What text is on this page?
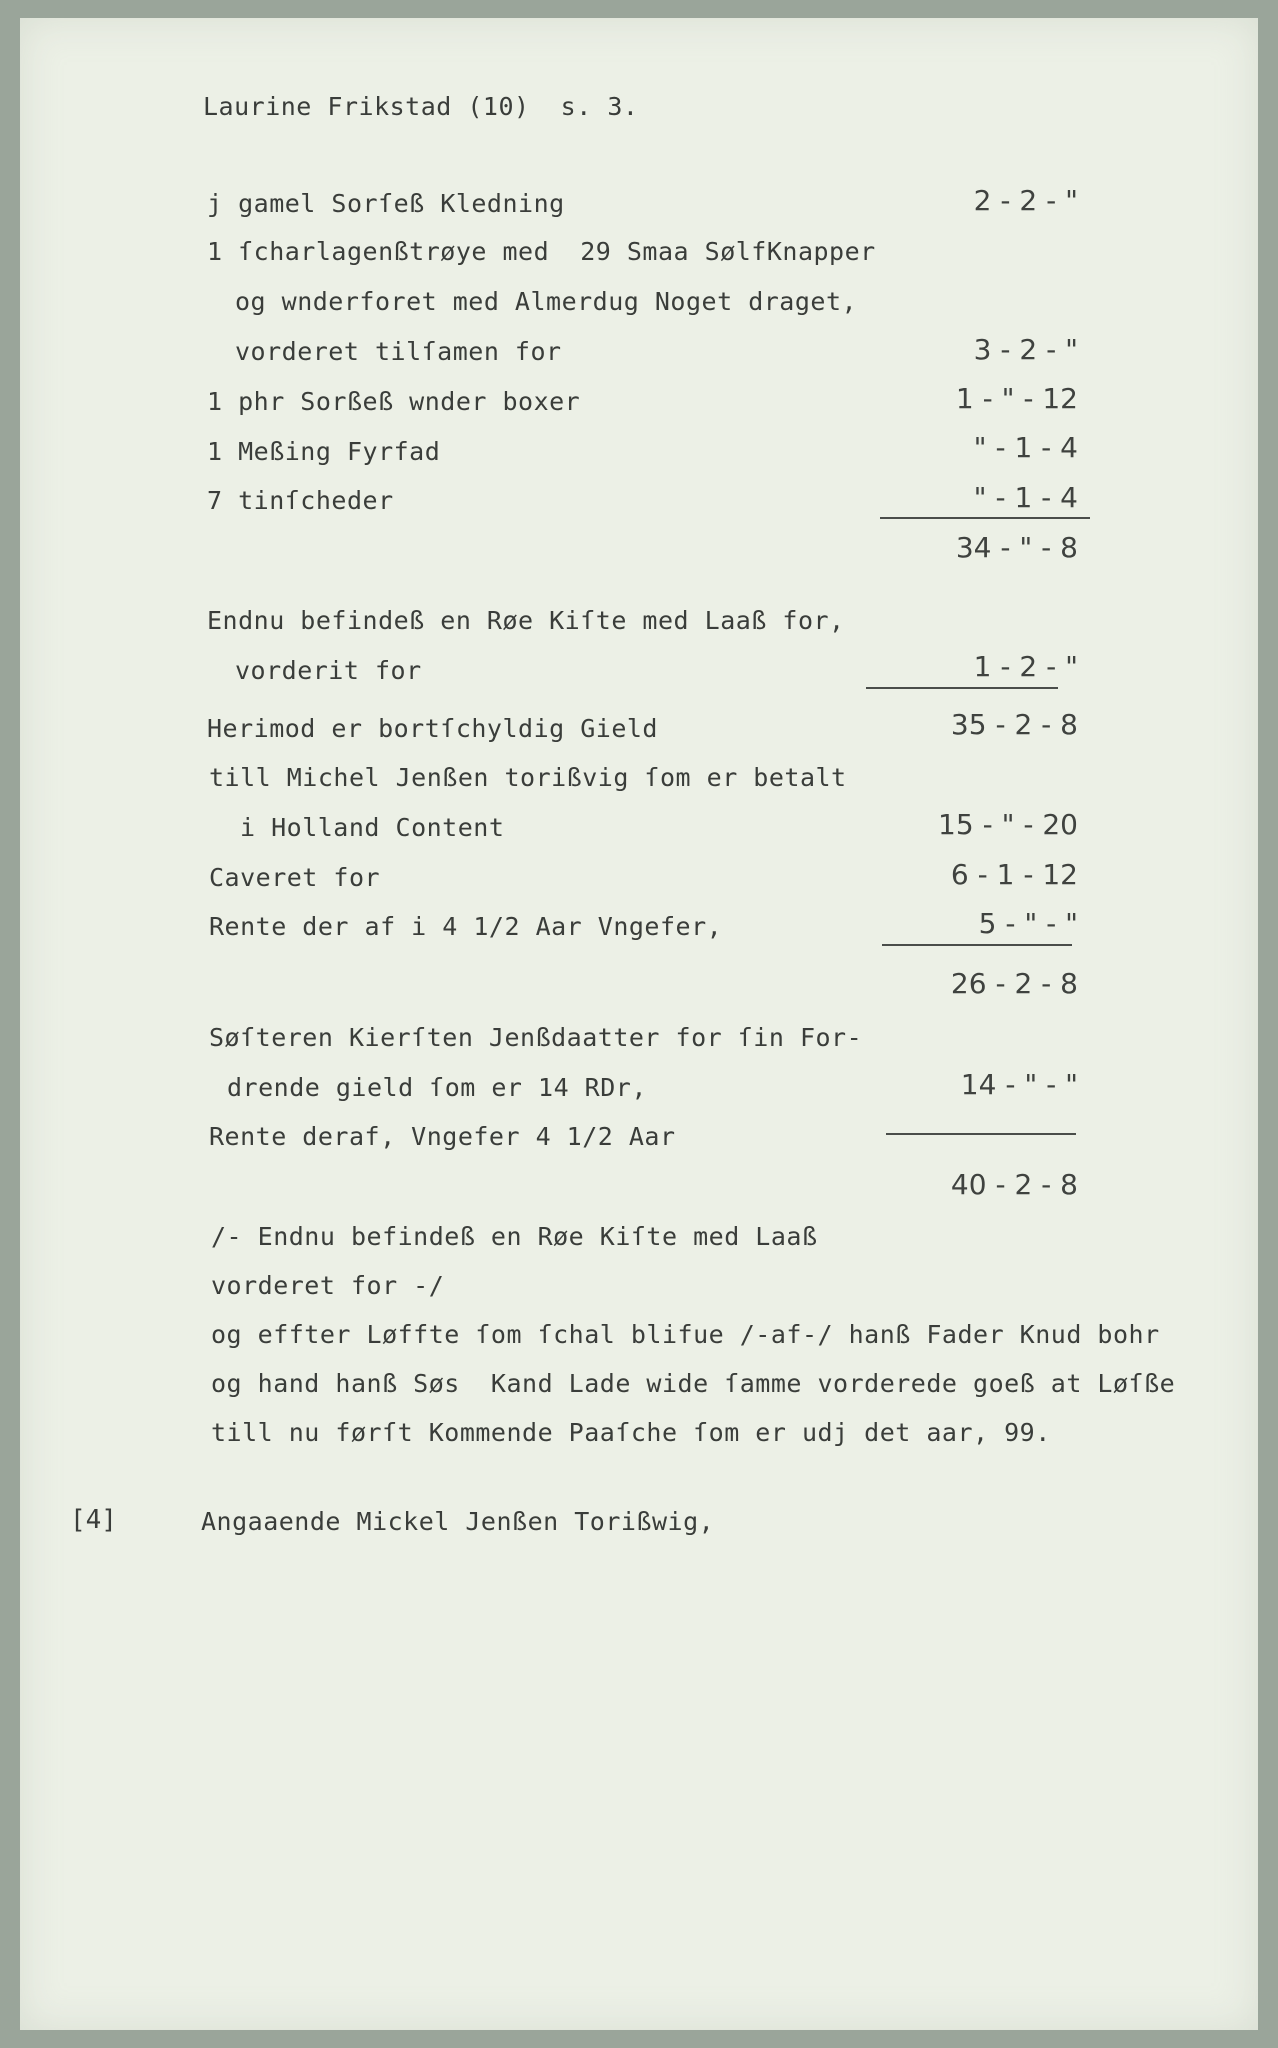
Laurine Frikstad (10)  s. 3.
j gamel Sorſeß Kledning	2 - 2 - "
1 ſcharlagenßtrøye med  29 Smaa SølfKnapper
og wnderforet med Almerdug Noget draget,
vorderet tilſamen for	3 - 2 - "
1 phr Sorßeß wnder boxer	1 - " - 12
1 Meßing Fyrfad	" - 1 - 4
7 tinſcheder	" - 1 - 4
34 - " - 8
Endnu befindeß en Røe Kiſte med Laaß for,
vorderit for	1 - 2 - "
Herimod er bortſchyldig Gield	35 - 2 - 8
till Michel Jenßen torißvig ſom er betalt
i Holland Content	15 - " - 20
Caveret for	6 - 1 - 12
Rente der af i 4 1/2 Aar Vngefer,	5 - " - "
26 - 2 - 8
Søſteren Kierſten Jenßdaatter for ſin For-
drende gield ſom er 14 RDr,	14 - " - "
Rente deraf, Vngefer 4 1/2 Aar
40 - 2 - 8
/- Endnu befindeß en Røe Kiſte med Laaß
vorderet for -/
og effter Løffte ſom ſchal blifue /-af-/ hanß Fader Knud bohr
og hand hanß Søs  Kand Lade wide ſamme vorderede goeß at Løſße
till nu førſt Kommende Paaſche ſom er udj det aar, 99.
[4]	Angaaende Mickel Jenßen Torißwig,
